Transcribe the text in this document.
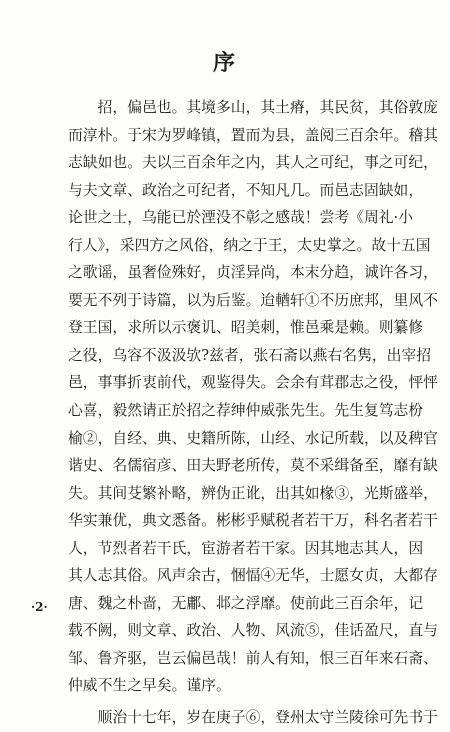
序
　　招，偏邑也。其境多山，其土瘠，其民贫，其俗敦庞
而淳朴。于宋为罗峰镇，置而为县，盖阅三百余年。稽其
志缺如也。夫以三百余年之内，其人之可纪，事之可纪，
与夫文章、政治之可纪者，不知凡几。而邑志固缺如，
论世之士，乌能已於湮没不彰之感哉！尝考《周礼·小
行人》，采四方之风俗，纳之于王，太史掌之。故十五国
之歌谣，虽奢俭殊好，贞淫异尚，本末分趋，诚许各习，
要无不列于诗篇，以为后鉴。迨輶轩①不历庶邦，里风不
登王国，求所以示褒讥、昭美刺，惟邑乘是赖。则纂修
之役，乌容不汲汲欤?兹者，张石斋以燕右名隽，出宰招
邑，事事折衷前代，观鉴得失。会余有茸郡志之役，怦怦
心喜，毅然请正於招之荐绅仲威张先生。先生复笃志枌
榆②，自经、典、史籍所陈，山经、水记所载，以及稗官
谐史、名儒宿彦、田夫野老所传，莫不采缉备至，靡有缺
失。其间芟繁补略，辨伪正讹，出其如椽③，光斯盛举，
华实兼优，典文悉备。彬彬乎赋税者若干万，科名者若干
人，节烈者若干氏，宦游者若干家。因其地志其人，因
其人志其俗。风声余古，悃愊④无华，士愿女贞，大都存
唐、魏之朴啬，无鄘、邶之浮靡。使前此三百余年，记
载不阙，则文章、政治、人物、风流⑤，佳话盈尺，直与
邹、鲁齐驱，岂云偏邑哉！前人有知，恨三百年来石斋、
仲威不生之早矣。谨序。
　　顺治十七年，岁在庚子⑥，登州太守兰陵徐可先书于
·2·
